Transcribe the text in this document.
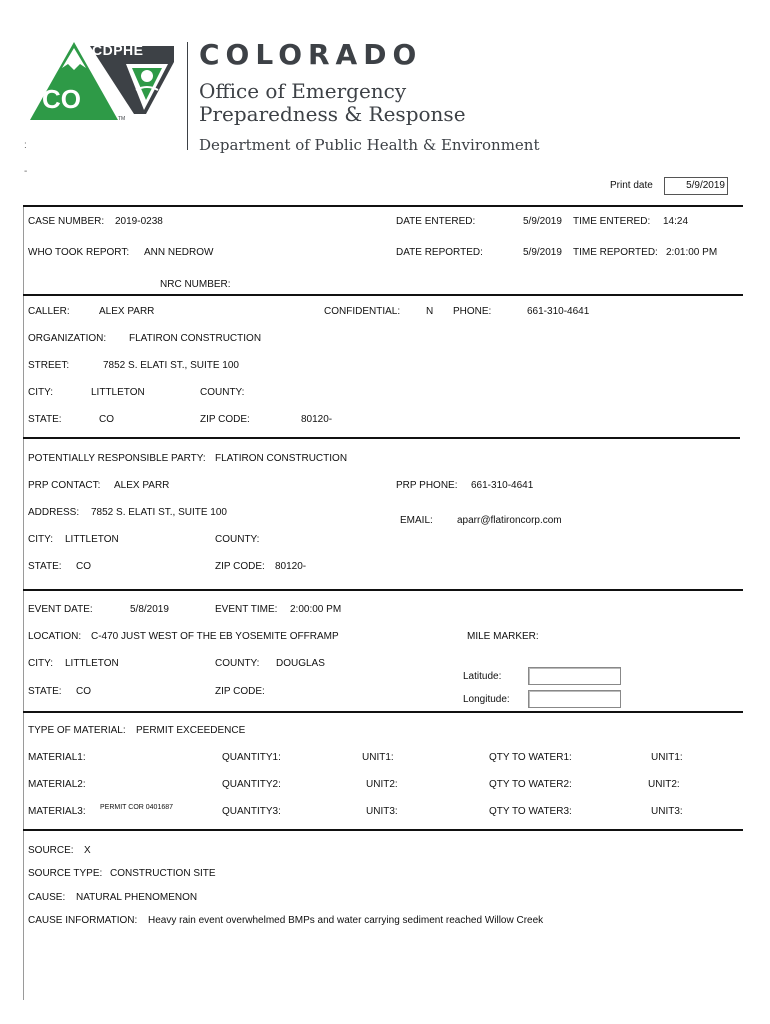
CDPHE
CO
TM
COLORADO
Office of Emergency
Preparedness & Response
Department of Public Health & Environment
:
-
Print date	5/9/2019
CASE NUMBER: 2019-0238	DATE ENTERED:	5/9/2019 TIME ENTERED: 14:24
WHO TOOK REPORT: ANN NEDROW	DATE REPORTED:	5/9/2019 TIME REPORTED: 2:01:00 PM
NRC NUMBER:
CALLER:	ALEX PARR	CONFIDENTIAL:	N PHONE:	661-310-4641
ORGANIZATION: FLATIRON CONSTRUCTION
STREET:	7852 S. ELATI ST., SUITE 100
CITY:	LITTLETON	COUNTY:
STATE:	CO	ZIP CODE:	80120-
POTENTIALLY RESPONSIBLE PARTY: FLATIRON CONSTRUCTION
PRP CONTACT: ALEX PARR	PRP PHONE: 661-310-4641
ADDRESS: 7852 S. ELATI ST., SUITE 100
EMAIL: aparr@flatironcorp.com
CITY: LITTLETON	COUNTY:
STATE: CO	ZIP CODE: 80120-
EVENT DATE:	5/8/2019	EVENT TIME: 2:00:00 PM
LOCATION: C-470 JUST WEST OF THE EB YOSEMITE OFFRAMP	MILE MARKER:
CITY: LITTLETON	COUNTY: DOUGLAS
Latitude:
STATE: CO	ZIP CODE:
Longitude:
TYPE OF MATERIAL: PERMIT EXCEEDENCE
MATERIAL1:	QUANTITY1:	UNIT1:	QTY TO WATER1:	UNIT1:
MATERIAL2:	QUANTITY2:	UNIT2:	QTY TO WATER2:	UNIT2:
MATERIAL3: PERMIT COR 0401687	QUANTITY3:	UNIT3:	QTY TO WATER3:	UNIT3:
SOURCE: X
SOURCE TYPE: CONSTRUCTION SITE
CAUSE: NATURAL PHENOMENON
CAUSE INFORMATION: Heavy rain event overwhelmed BMPs and water carrying sediment reached Willow Creek
